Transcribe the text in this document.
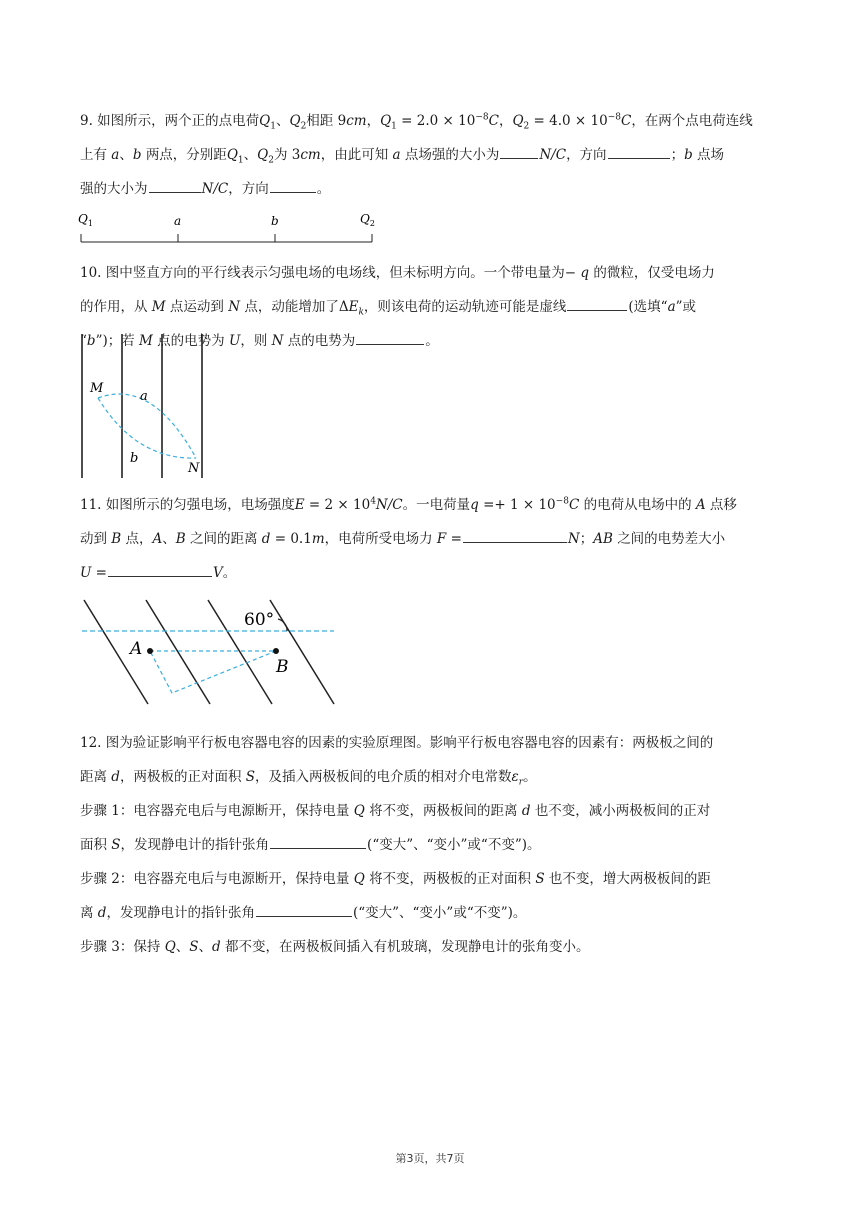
9. 如图所示，两个正的点电荷$Q_1$、$Q_2$相距 9cm，$Q_1 = 2.0 \times 10^{-8}C$，$Q_2 = 4.0 \times 10^{-8}C$，在两个点电荷连线
上有 a、b 两点，分别距$Q_1$、$Q_2$为 3cm，由此可知 a 点场强的大小为	N/C，方向	；b 点场
强的大小为	N/C，方向	。
$Q_1$	a	b	$Q_2$
10. 图中竖直方向的平行线表示匀强电场的电场线，但未标明方向。一个带电量为− q 的微粒，仅受电场力
的作用，从 M 点运动到 N 点，动能增加了$\Delta E_k$，则该电荷的运动轨迹可能是虚线	(选填“a”或
“b”)；若 M 点的电势为 U，则 N 点的电势为	。
M
N
a
b
11. 如图所示的匀强电场，电场强度$E = 2 \times 10^4N/C$。一电荷量$q =+ 1 \times 10^{-8}C$ 的电荷从电场中的 A 点移
动到 B 点，A、B 之间的距离 d = 0.1m，电荷所受电场力 F =	N；AB 之间的电势差大小
U =	V。
A
B
60°
12. 图为验证影响平行板电容器电容的因素的实验原理图。影响平行板电容器电容的因素有：两极板之间的
距离 d，两极板的正对面积 S，及插入两极板间的电介质的相对介电常数$\varepsilon_r$。
步骤 1：电容器充电后与电源断开，保持电量 Q 将不变，两极板间的距离 d 也不变，减小两极板间的正对
面积 S，发现静电计的指针张角	(“变大”、“变小”或“不变”)。
步骤 2：电容器充电后与电源断开，保持电量 Q 将不变，两极板的正对面积 S 也不变，增大两极板间的距
离 d，发现静电计的指针张角	(“变大”、“变小”或“不变”)。
步骤 3：保持 Q、S、d 都不变，在两极板间插入有机玻璃，发现静电计的张角变小。
第3页，共7页
